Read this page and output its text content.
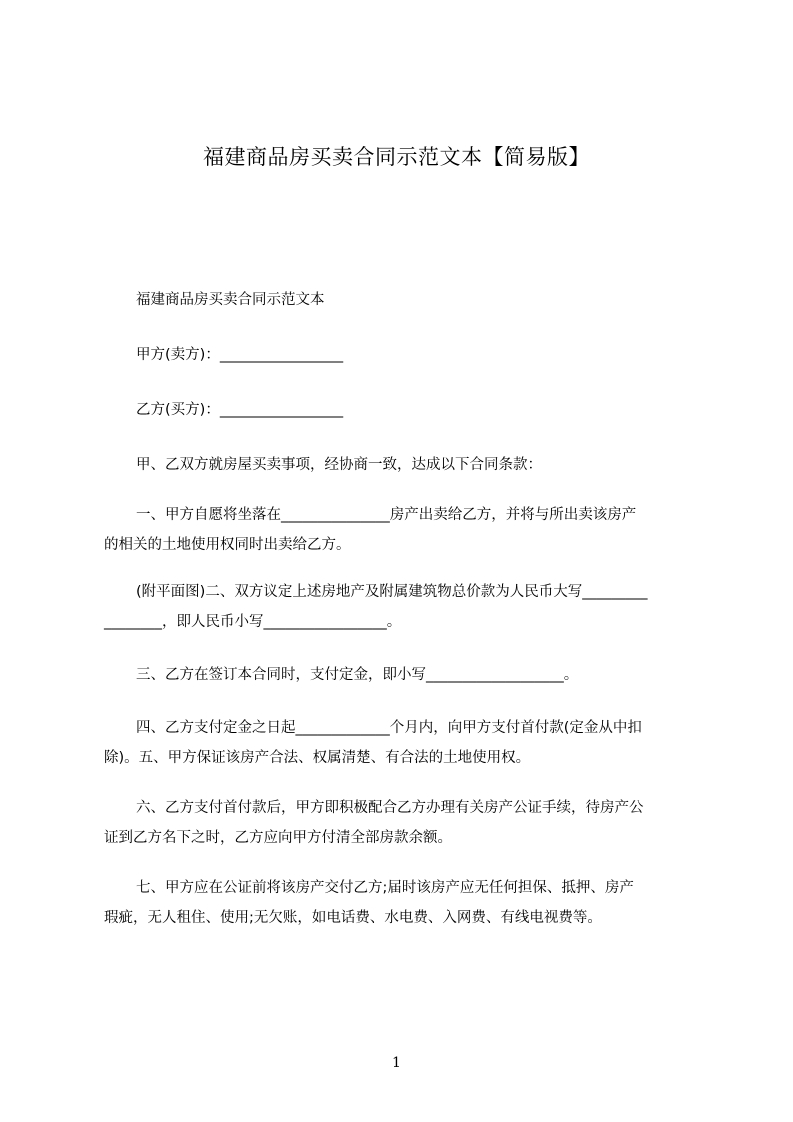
福建商品房买卖合同示范文本【简易版】
福建商品房买卖合同示范文本
甲方(卖方)：_________________
乙方(买方)：_________________
甲、乙双方就房屋买卖事项，经协商一致，达成以下合同条款：
一、甲方自愿将坐落在_______________房产出卖给乙方，并将与所出卖该房产
的相关的土地使用权同时出卖给乙方。
(附平面图)二、双方议定上述房地产及附属建筑物总价款为人民币大写_________
________，即人民币小写_________________。
三、乙方在签订本合同时，支付定金，即小写___________________。
四、乙方支付定金之日起_____________个月内，向甲方支付首付款(定金从中扣
除)。五、甲方保证该房产合法、权属清楚、有合法的土地使用权。
六、乙方支付首付款后，甲方即积极配合乙方办理有关房产公证手续，待房产公
证到乙方名下之时，乙方应向甲方付清全部房款余额。
七、甲方应在公证前将该房产交付乙方;届时该房产应无任何担保、抵押、房产
瑕疵，无人租住、使用;无欠账，如电话费、水电费、入网费、有线电视费等。
1
